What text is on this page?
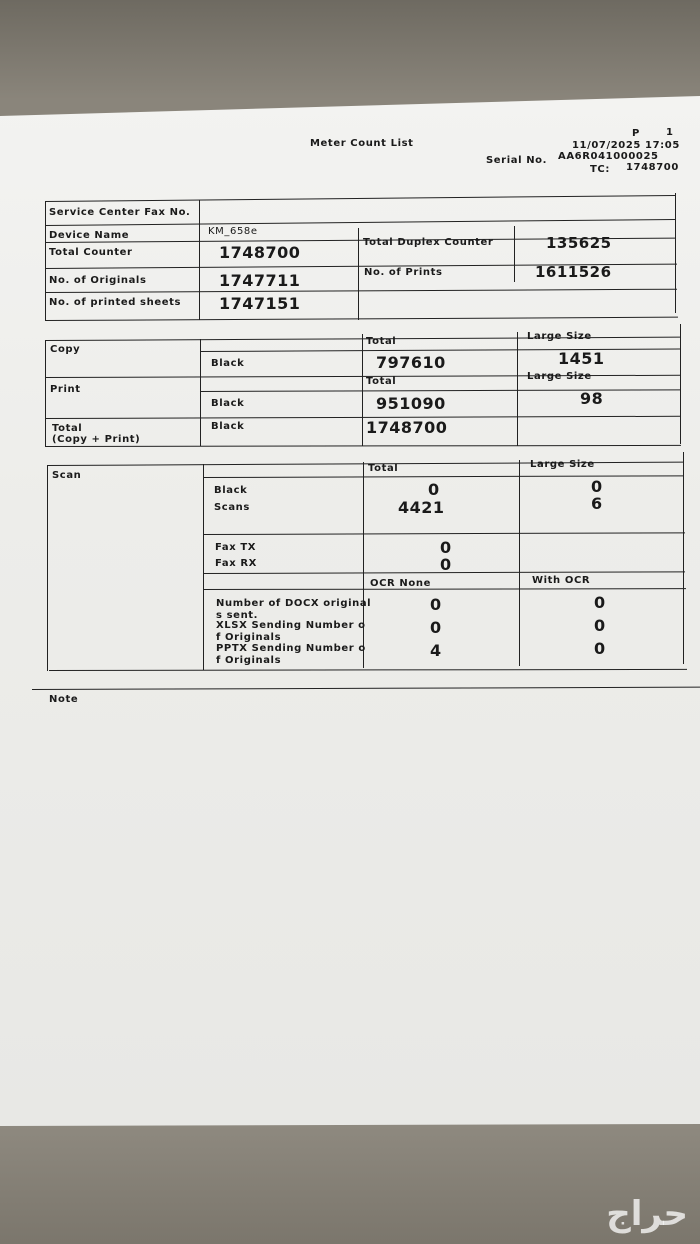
Meter Count List
P	1
11/07/2025 17:05
Serial No. AA6R041000025
TC: 1748700
Service Center Fax No.
Device Name	KM_658e
Total Counter	1748700
Total Duplex Counter	135625
No. of Originals	1747711	No. of Prints	1611526
No. of printed sheets 1747151
Copy
Total	Large Size
Black	797610	1451
Print
Total	Large Size
Black	951090	98
Total
(Copy + Print)
Black	1748700
Scan
Total	Large Size
Black	0	0
Scans	4421	6
Fax TX	0
Fax RX	0
OCR None	With OCR
Number of DOCX original
s sent.
0	0
XLSX Sending Number o
f Originals
0	0
PPTX Sending Number o
f Originals
4	0
Note
حراج
